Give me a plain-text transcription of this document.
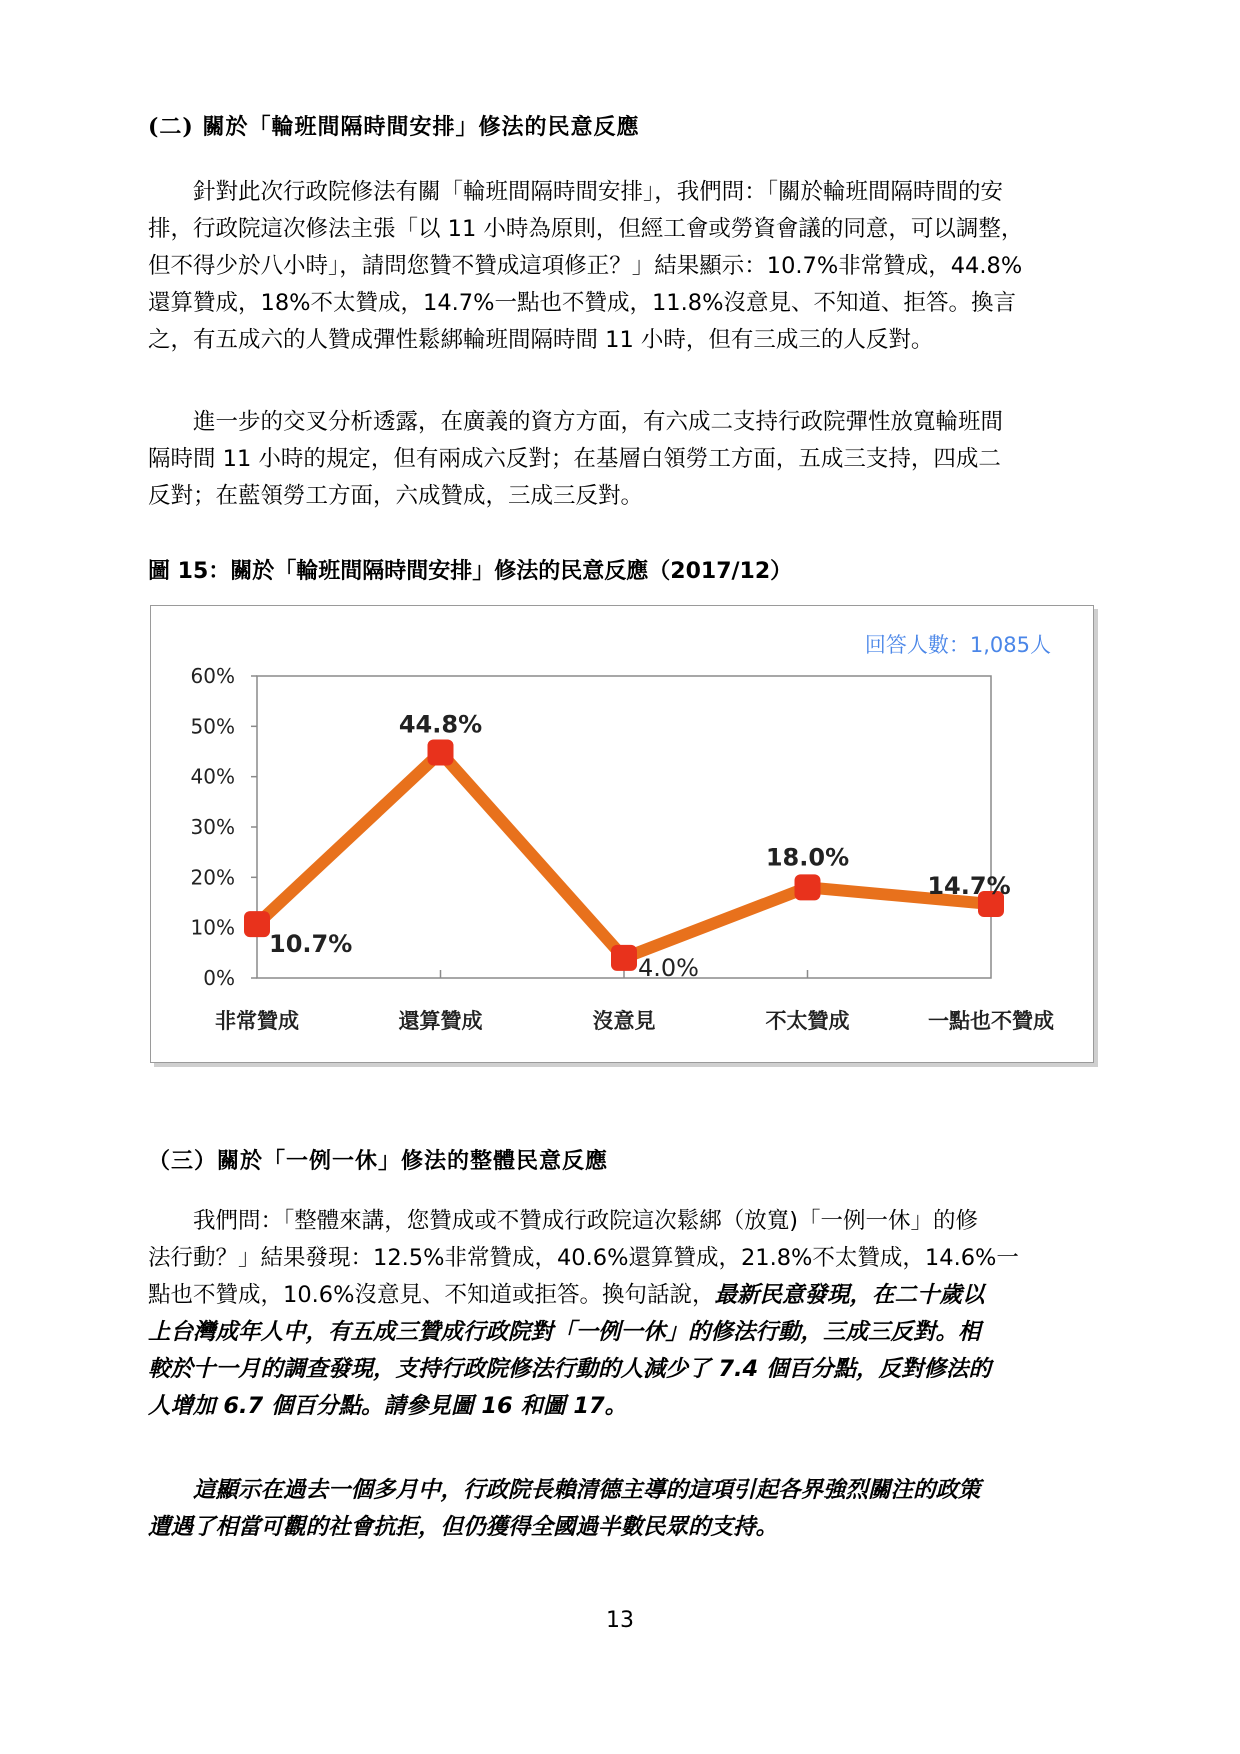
(二) 關於「輪班間隔時間安排」修法的民意反應

　　針對此次行政院修法有關「輪班間隔時間安排」，我們問：「關於輪班間隔時間的安

排，行政院這次修法主張「以 11 小時為原則，但經工會或勞資會議的同意，可以調整，

但不得少於八小時」，請問您贊不贊成這項修正？」結果顯示：10.7%非常贊成，44.8%

還算贊成，18%不太贊成，14.7%一點也不贊成，11.8%沒意見、不知道、拒答。換言

之，有五成六的人贊成彈性鬆綁輪班間隔時間 11 小時，但有三成三的人反對。

　　進一步的交叉分析透露，在廣義的資方方面，有六成二支持行政院彈性放寬輪班間

隔時間 11 小時的規定，但有兩成六反對；在基層白領勞工方面，五成三支持，四成二

反對；在藍領勞工方面，六成贊成，三成三反對。

圖 15：關於「輪班間隔時間安排」修法的民意反應（2017/12）
回答人數：1,085人
0%
10%
20%
30%
40%
50%
60%
非常贊成	還算贊成	沒意見	不太贊成	一點也不贊成
10.7%
44.8%
4.0%
18.0%
14.7%
（三）關於「一例一休」修法的整體民意反應

　　我們問：「整體來講，您贊成或不贊成行政院這次鬆綁（放寬)「一例一休」的修

法行動？」結果發現：12.5%非常贊成，40.6%還算贊成，21.8%不太贊成，14.6%一

點也不贊成，10.6%沒意見、不知道或拒答。換句話說，最新民意發現，在二十歲以

上台灣成年人中，有五成三贊成行政院對「一例一休」的修法行動，三成三反對。相

較於十一月的調查發現，支持行政院修法行動的人減少了 7.4 個百分點，反對修法的

人增加 6.7 個百分點。請參見圖 16 和圖 17。

　　這顯示在過去一個多月中，行政院長賴清德主導的這項引起各界強烈關注的政策

遭遇了相當可觀的社會抗拒，但仍獲得全國過半數民眾的支持。

13
